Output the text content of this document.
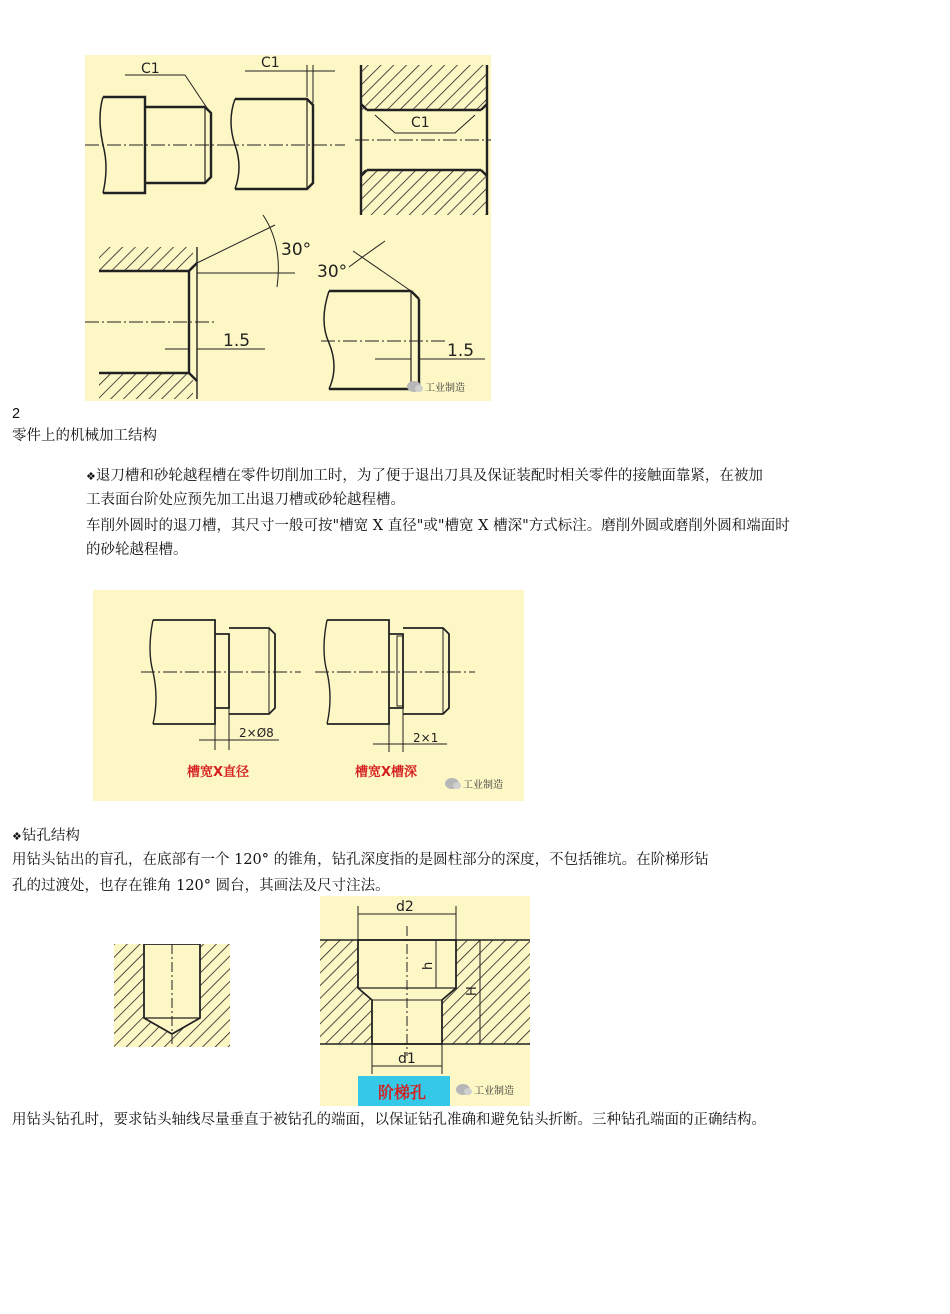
C1	C1
C1
30°
1.5
30°
1.5
工业制造
2
零件上的机械加工结构
❖退刀槽和砂轮越程槽在零件切削加工时，为了便于退出刀具及保证装配时相关零件的接触面靠紧，在被加
工表面台阶处应预先加工出退刀槽或砂轮越程槽。
车削外圆时的退刀槽，其尺寸一般可按"槽宽 X 直径"或"槽宽 X 槽深"方式标注。磨削外圆或磨削外圆和端面时
的砂轮越程槽。
2×Ø8
槽宽X直径
2×1
槽宽X槽深
工业制造
❖钻孔结构
用钻头钻出的盲孔，在底部有一个 120° 的锥角，钻孔深度指的是圆柱部分的深度，不包括锥坑。在阶梯形钻
孔的过渡处，也存在锥角 120° 圆台，其画法及尺寸注法。
d2
d1
h
H
阶梯孔	工业制造
用钻头钻孔时，要求钻头轴线尽量垂直于被钻孔的端面，以保证钻孔准确和避免钻头折断。三种钻孔端面的正确结构。
